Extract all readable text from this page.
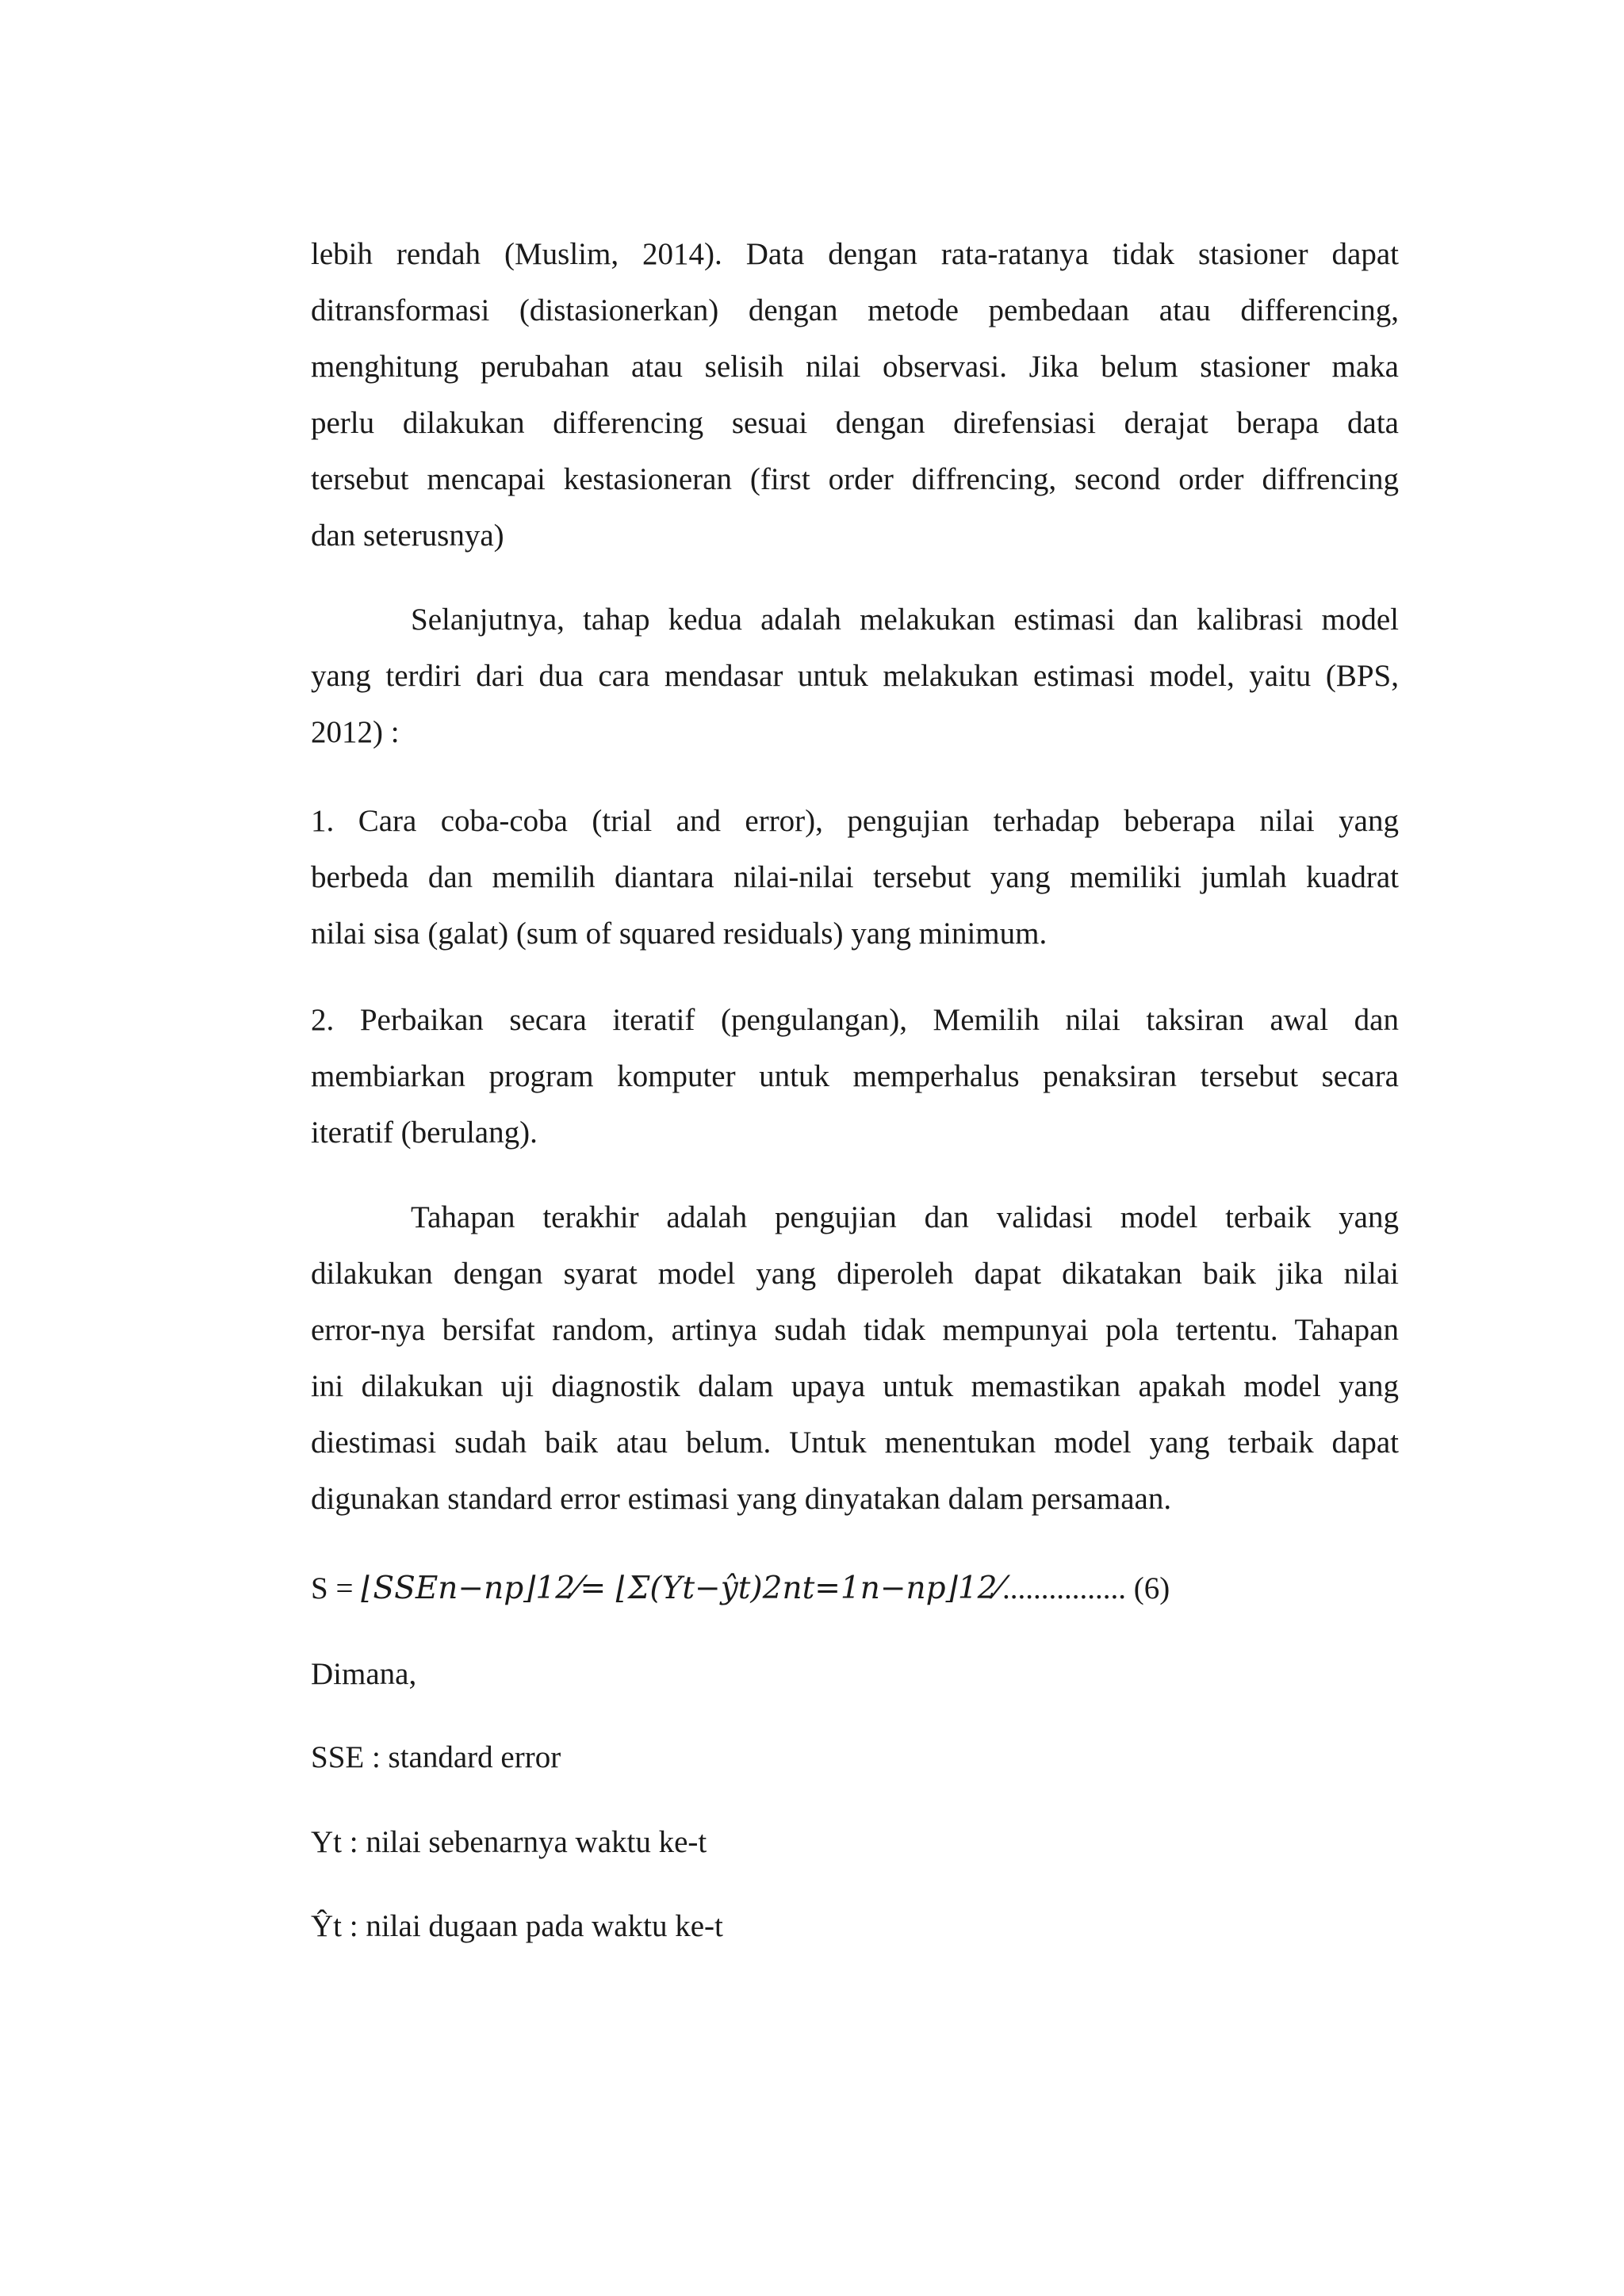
lebih rendah (Muslim, 2014). Data dengan rata-ratanya tidak stasioner dapat
ditransformasi (distasionerkan) dengan metode pembedaan atau differencing,
menghitung perubahan atau selisih nilai observasi. Jika belum stasioner maka
perlu dilakukan differencing sesuai dengan direfensiasi derajat berapa data
tersebut mencapai kestasioneran (first order diffrencing, second order diffrencing
dan seterusnya)

Selanjutnya, tahap kedua adalah melakukan estimasi dan kalibrasi model
yang terdiri dari dua cara mendasar untuk melakukan estimasi model, yaitu (BPS,
2012) :

1. Cara coba-coba (trial and error), pengujian terhadap beberapa nilai yang
berbeda dan memilih diantara nilai-nilai tersebut yang memiliki jumlah kuadrat
nilai sisa (galat) (sum of squared residuals) yang minimum.

2. Perbaikan secara iteratif (pengulangan), Memilih nilai taksiran awal dan
membiarkan program komputer untuk memperhalus penaksiran tersebut secara
iteratif (berulang).

Tahapan terakhir adalah pengujian dan validasi model terbaik yang
dilakukan dengan syarat model yang diperoleh dapat dikatakan baik jika nilai
error-nya bersifat random, artinya sudah tidak mempunyai pola tertentu. Tahapan
ini dilakukan uji diagnostik dalam upaya untuk memastikan apakah model yang
diestimasi sudah baik atau belum. Untuk menentukan model yang terbaik dapat
digunakan standard error estimasi yang dinyatakan dalam persamaan.

S = ⌊𝑆𝑆𝐸𝑛−𝑛𝑝⌋12⁄= ⌊Σ(𝑌𝑡−ŷ𝑡)2𝑛𝑡=1𝑛−𝑛𝑝⌋12⁄................ (6)

Dimana,

SSE : standard error

Yt : nilai sebenarnya waktu ke-t

Ŷt : nilai dugaan pada waktu ke-t
